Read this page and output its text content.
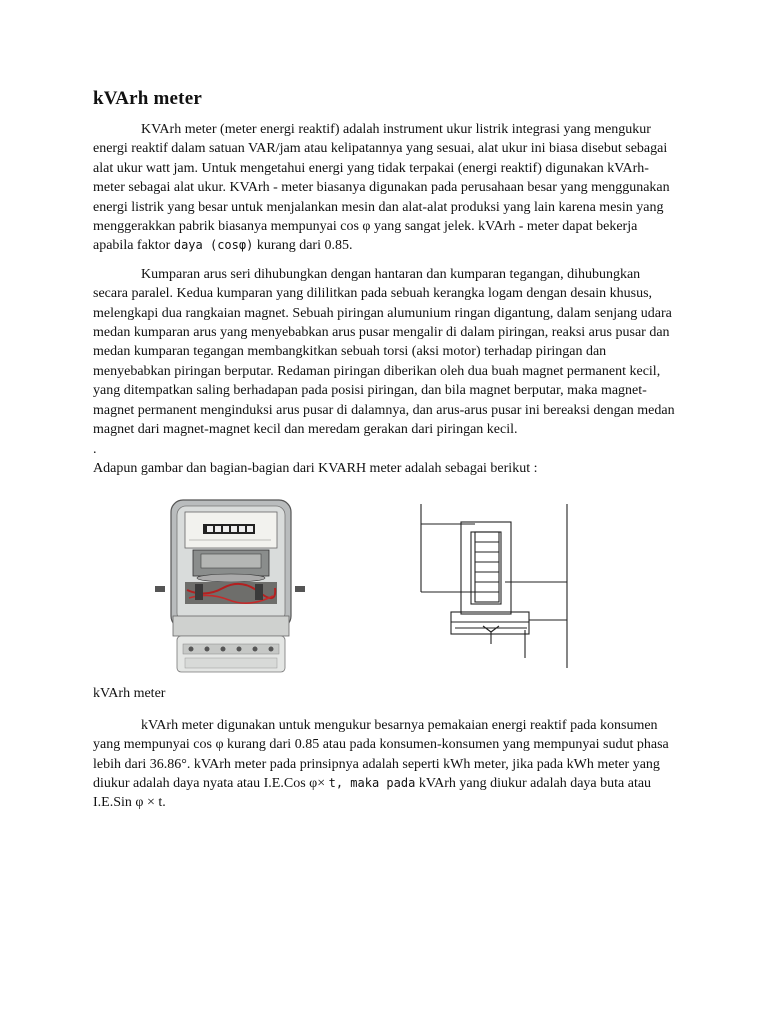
kVArh meter

KVArh meter (meter energi reaktif) adalah instrument ukur listrik integrasi yang mengukur energi reaktif dalam satuan VAR/jam atau kelipatannya yang sesuai, alat ukur ini biasa disebut sebagai alat ukur watt jam. Untuk mengetahui energi yang tidak terpakai (energi reaktif) digunakan kVArh- meter sebagai alat ukur. KVArh - meter biasanya digunakan pada perusahaan besar yang menggunakan energi listrik yang besar untuk menjalankan mesin dan alat-alat produksi yang lain karena mesin yang menggerakkan pabrik biasanya mempunyai cos φ yang sangat jelek. kVArh - meter dapat bekerja apabila faktor daya (cosφ) kurang dari 0.85.

Kumparan arus seri dihubungkan dengan hantaran dan kumparan tegangan, dihubungkan secara paralel. Kedua kumparan yang dililitkan pada sebuah kerangka logam dengan desain khusus, melengkapi dua rangkaian magnet. Sebuah piringan alumunium ringan digantung, dalam senjang udara medan kumparan arus yang menyebabkan arus pusar mengalir di dalam piringan, reaksi arus pusar dan medan kumparan tegangan membangkitkan sebuah torsi (aksi motor) terhadap piringan dan menyebabkan piringan berputar. Redaman piringan diberikan oleh dua buah magnet permanent kecil, yang ditempatkan saling berhadapan pada posisi piringan, dan bila magnet berputar, maka magnet-magnet permanent menginduksi arus pusar di dalamnya, dan arus-arus pusar ini bereaksi dengan medan magnet dari magnet-magnet kecil dan meredam gerakan dari piringan kecil.

.

Adapun gambar dan bagian-bagian dari KVARH meter adalah sebagai berikut :

kVArh meter

kVArh meter digunakan untuk mengukur besarnya pemakaian energi reaktif pada konsumen yang mempunyai cos φ kurang dari 0.85 atau pada konsumen-konsumen yang mempunyai sudut phasa lebih dari 36.86°. kVArh meter pada prinsipnya adalah seperti kWh meter, jika pada kWh meter yang diukur adalah daya nyata atau I.E.Cos φ× t, maka pada kVArh yang diukur adalah daya buta atau I.E.Sin φ × t.
